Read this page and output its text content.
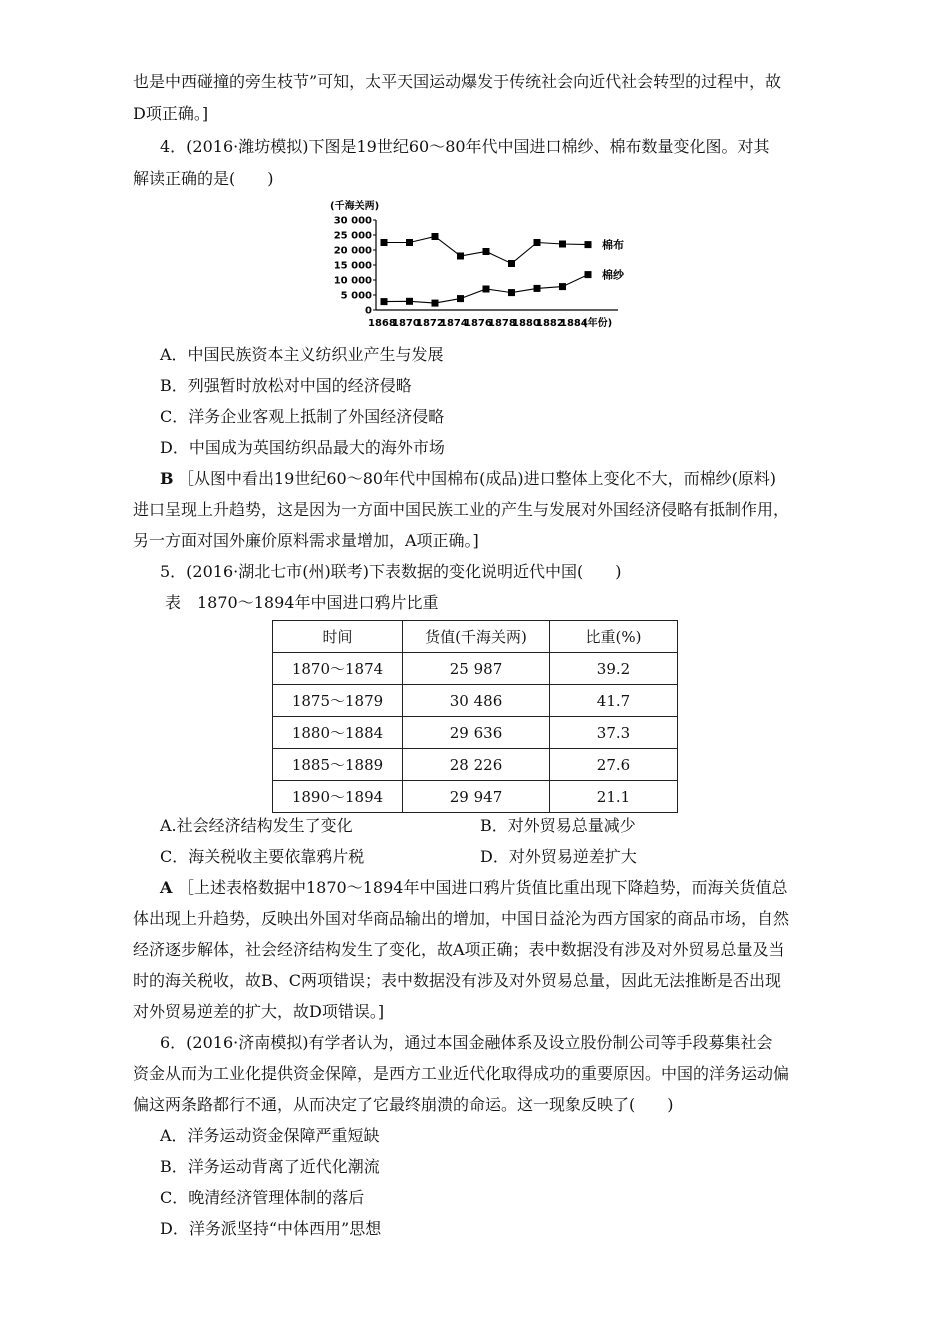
也是中西碰撞的旁生枝节”可知，太平天国运动爆发于传统社会向近代社会转型的过程中，故
D项正确。]
4．(2016·潍坊模拟)下图是19世纪60～80年代中国进口棉纱、棉布数量变化图。对其
解读正确的是(　　)
(千海关两)
30 000
25 000
20 000
15 000
10 000
5 000
0
1868
1870
1872
1874
1876
1878
1880
1882
1884
(年份)
棉布
棉纱
A．中国民族资本主义纺织业产生与发展
B．列强暂时放松对中国的经济侵略
C．洋务企业客观上抵制了外国经济侵略
D．中国成为英国纺织品最大的海外市场
B ［从图中看出19世纪60～80年代中国棉布(成品)进口整体上变化不大，而棉纱(原料)
进口呈现上升趋势，这是因为一方面中国民族工业的产生与发展对外国经济侵略有抵制作用，
另一方面对国外廉价原料需求量增加，A项正确。]
5．(2016·湖北七市(州)联考)下表数据的变化说明近代中国(　　)
表　1870～1894年中国进口鸦片比重
时间	货值(千海关两)	比重(%)
1870～1874	25 987	39.2
1875～1879	30 486	41.7
1880～1884	29 636	37.3
1885～1889	28 226	27.6
1890～1894	29 947	21.1
A.社会经济结构发生了变化	B．对外贸易总量减少
C．海关税收主要依靠鸦片税	D．对外贸易逆差扩大
A ［上述表格数据中1870～1894年中国进口鸦片货值比重出现下降趋势，而海关货值总
体出现上升趋势，反映出外国对华商品输出的增加，中国日益沦为西方国家的商品市场，自然
经济逐步解体，社会经济结构发生了变化，故A项正确；表中数据没有涉及对外贸易总量及当
时的海关税收，故B、C两项错误；表中数据没有涉及对外贸易总量，因此无法推断是否出现
对外贸易逆差的扩大，故D项错误。]
6．(2016·济南模拟)有学者认为，通过本国金融体系及设立股份制公司等手段募集社会
资金从而为工业化提供资金保障，是西方工业近代化取得成功的重要原因。中国的洋务运动偏
偏这两条路都行不通，从而决定了它最终崩溃的命运。这一现象反映了(　　)
A．洋务运动资金保障严重短缺
B．洋务运动背离了近代化潮流
C．晚清经济管理体制的落后
D．洋务派坚持“中体西用”思想
